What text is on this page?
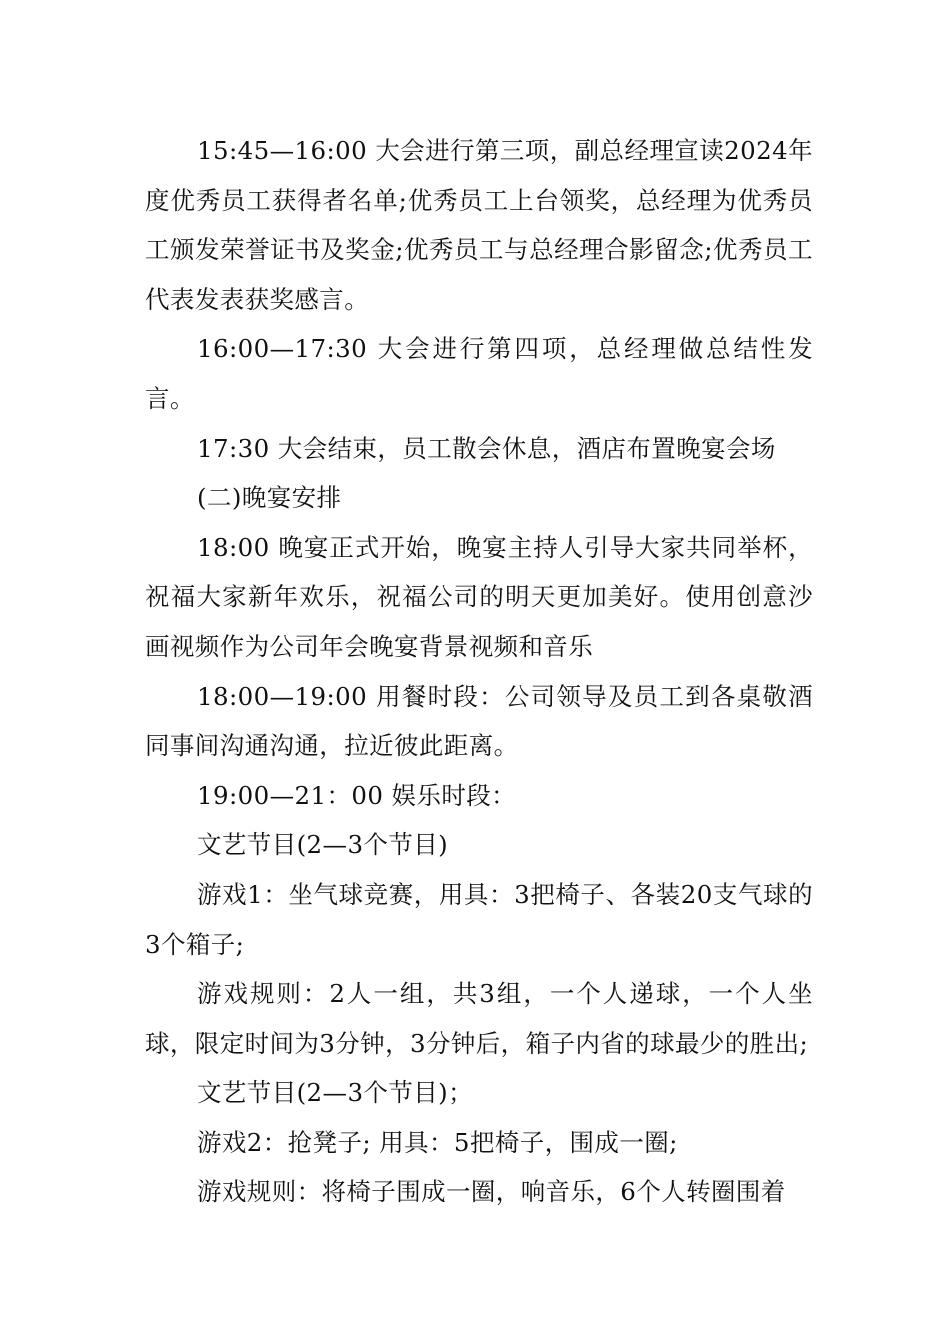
15:45—16:00 大会进行第三项，副总经理宣读2024年度优秀员工获得者名单;优秀员工上台领奖，总经理为优秀员工颁发荣誉证书及奖金;优秀员工与总经理合影留念;优秀员工代表发表获奖感言。

16:00—17:30 大会进行第四项，总经理做总结性发言。

17:30 大会结束，员工散会休息，酒店布置晚宴会场

(二)晚宴安排

18:00 晚宴正式开始，晚宴主持人引导大家共同举杯，祝福大家新年欢乐，祝福公司的明天更加美好。使用创意沙画视频作为公司年会晚宴背景视频和音乐

18:00—19:00 用餐时段：公司领导及员工到各桌敬酒同事间沟通沟通，拉近彼此距离。

19:00—21：00 娱乐时段：

文艺节目(2—3个节目)

游戏1：坐气球竞赛，用具：3把椅子、各装20支气球的3个箱子;

游戏规则：2人一组，共3组，一个人递球，一个人坐球，限定时间为3分钟，3分钟后，箱子内省的球最少的胜出;

文艺节目(2—3个节目)；

游戏2：抢凳子; 用具：5把椅子，围成一圈;

游戏规则：将椅子围成一圈，响音乐，6个人转圈围着
